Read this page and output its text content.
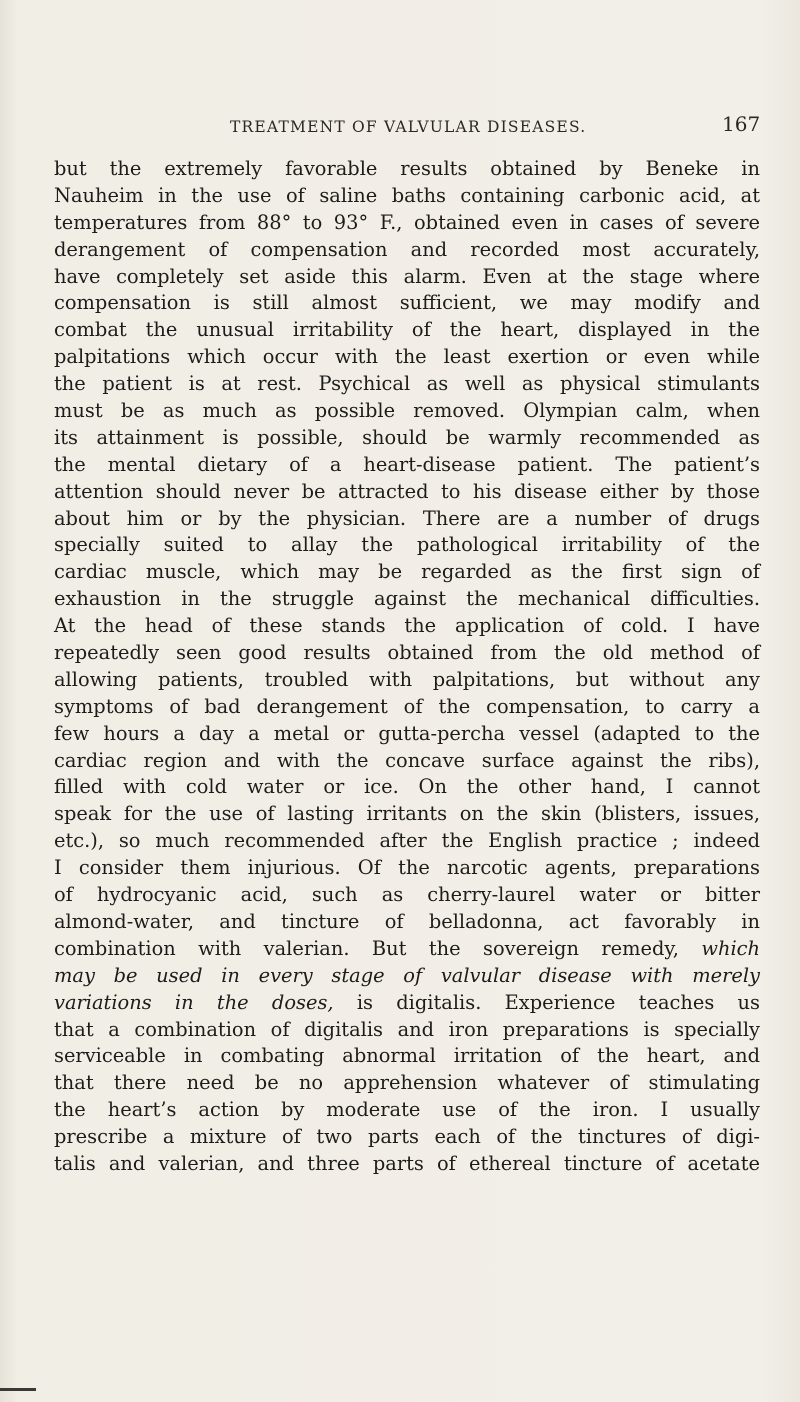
TREATMENT OF VALVULAR DISEASES.	167
but the extremely favorable results obtained by Beneke in
Nauheim in the use of saline baths containing carbonic acid, at
temperatures from 88° to 93° F., obtained even in cases of severe
derangement of compensation and recorded most accurately,
have completely set aside this alarm. Even at the stage where
compensation is still almost sufficient, we may modify and
combat the unusual irritability of the heart, displayed in the
palpitations which occur with the least exertion or even while
the patient is at rest. Psychical as well as physical stimulants
must be as much as possible removed. Olympian calm, when
its attainment is possible, should be warmly recommended as
the mental dietary of a heart-disease patient. The patient’s
attention should never be attracted to his disease either by those
about him or by the physician. There are a number of drugs
specially suited to allay the pathological irritability of the
cardiac muscle, which may be regarded as the first sign of
exhaustion in the struggle against the mechanical difficulties.
At the head of these stands the application of cold. I have
repeatedly seen good results obtained from the old method of
allowing patients, troubled with palpitations, but without any
symptoms of bad derangement of the compensation, to carry a
few hours a day a metal or gutta-percha vessel (adapted to the
cardiac region and with the concave surface against the ribs),
filled with cold water or ice. On the other hand, I cannot
speak for the use of lasting irritants on the skin (blisters, issues,
etc.), so much recommended after the English practice ; indeed
I consider them injurious. Of the narcotic agents, preparations
of hydrocyanic acid, such as cherry-laurel water or bitter
almond-water, and tincture of belladonna, act favorably in
combination with valerian. But the sovereign remedy, which
may be used in every stage of valvular disease with merely
variations in the doses, is digitalis. Experience teaches us
that a combination of digitalis and iron preparations is specially
serviceable in combating abnormal irritation of the heart, and
that there need be no apprehension whatever of stimulating
the heart’s action by moderate use of the iron. I usually
prescribe a mixture of two parts each of the tinctures of digi-
talis and valerian, and three parts of ethereal tincture of acetate
